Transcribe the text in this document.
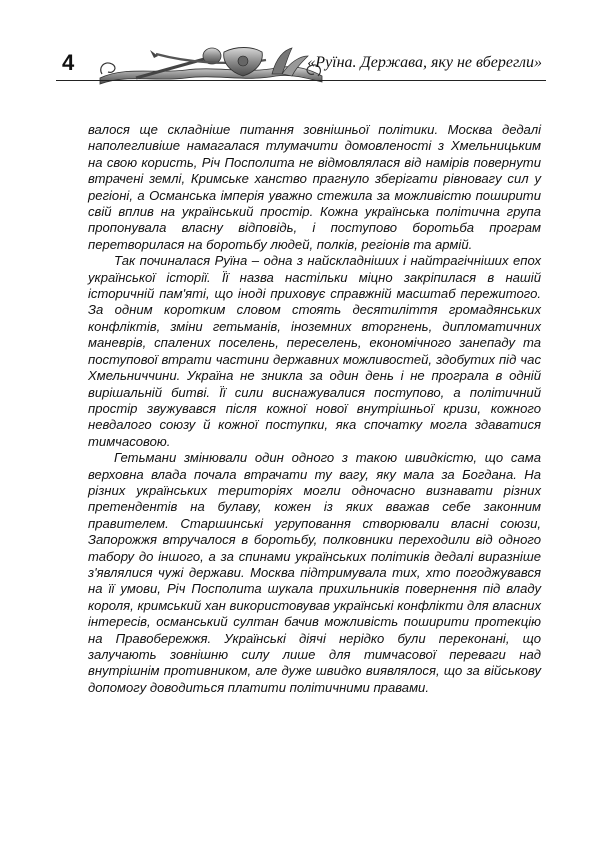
4	«Руїна. Держава, яку не вберегли»

валося ще складніше питання зовнішньої політики. Москва дедалі наполегливіше намагалася тлумачити домовленості з Хмельницьким на свою користь, Річ Посполита не відмовлялася від намірів повернути втрачені землі, Кримське ханство прагнуло зберігати рівновагу сил у регіоні, а Османська імперія уважно стежила за можливістю поширити свій вплив на український простір. Кожна українська політична група пропонувала власну відповідь, і поступово боротьба програм перетворилася на боротьбу людей, полків, регіонів та армій.

Так починалася Руїна – одна з найскладніших і найтрагічніших епох української історії. Її назва настільки міцно закріпилася в нашій історичній пам'яті, що іноді приховує справжній масштаб пережитого. За одним коротким словом стоять десятиліття громадянських конфліктів, зміни гетьманів, іноземних вторгнень, дипломатичних маневрів, спалених поселень, переселень, економічного занепаду та поступової втрати частини державних можливостей, здобутих під час Хмельниччини. Україна не зникла за один день і не програла в одній вирішальній битві. Її сили виснажувалися поступово, а політичний простір звужувався після кожної нової внутрішньої кризи, кожного невдалого союзу й кожної поступки, яка спочатку могла здаватися тимчасовою.

Гетьмани змінювали один одного з такою швидкістю, що сама верховна влада почала втрачати ту вагу, яку мала за Богдана. На різних українських територіях могли одночасно визнавати різних претендентів на булаву, кожен із яких вважав себе законним правителем. Старшинські угруповання створювали власні союзи, Запорожжя втручалося в боротьбу, полковники переходили від одного табору до іншого, а за спинами українських політиків дедалі виразніше з'являлися чужі держави. Москва підтримувала тих, хто погоджувався на її умови, Річ Посполита шукала прихильників повернення під владу короля, кримський хан використовував українські конфлікти для власних інтересів, османський султан бачив можливість поширити протекцію на Правобережжя. Українські діячі нерідко були переконані, що залучають зовнішню силу лише для тимчасової переваги над внутрішнім противником, але дуже швидко виявлялося, що за військову допомогу доводиться платити політичними правами.
